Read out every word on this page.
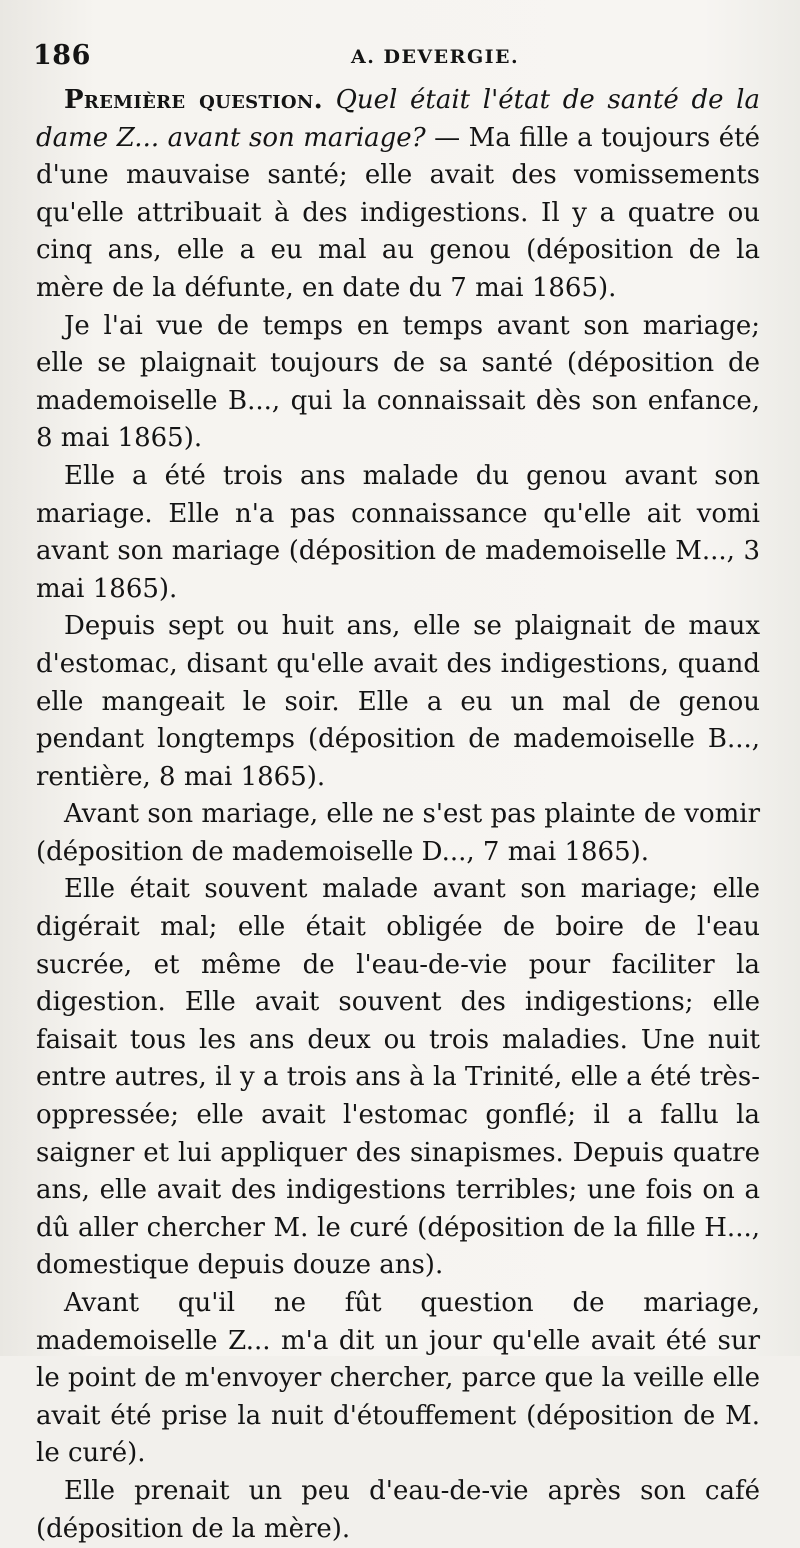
186	A. DEVERGIE.

Première question. Quel était l'état de santé de la dame Z... avant son mariage? — Ma fille a toujours été d'une mauvaise santé; elle avait des vomissements qu'elle attribuait à des indigestions. Il y a quatre ou cinq ans, elle a eu mal au genou (déposition de la mère de la défunte, en date du 7 mai 1865).

Je l'ai vue de temps en temps avant son mariage; elle se plaignait toujours de sa santé (déposition de mademoiselle B..., qui la connaissait dès son enfance, 8 mai 1865).

Elle a été trois ans malade du genou avant son mariage. Elle n'a pas connaissance qu'elle ait vomi avant son mariage (déposition de mademoiselle M..., 3 mai 1865).

Depuis sept ou huit ans, elle se plaignait de maux d'estomac, disant qu'elle avait des indigestions, quand elle mangeait le soir. Elle a eu un mal de genou pendant longtemps (déposition de mademoiselle B..., rentière, 8 mai 1865).

Avant son mariage, elle ne s'est pas plainte de vomir (déposition de mademoiselle D..., 7 mai 1865).

Elle était souvent malade avant son mariage; elle digérait mal; elle était obligée de boire de l'eau sucrée, et même de l'eau-de-vie pour faciliter la digestion. Elle avait souvent des indigestions; elle faisait tous les ans deux ou trois maladies. Une nuit entre autres, il y a trois ans à la Trinité, elle a été très-oppressée; elle avait l'estomac gonflé; il a fallu la saigner et lui appliquer des sinapismes. Depuis quatre ans, elle avait des indigestions terribles; une fois on a dû aller chercher M. le curé (déposition de la fille H..., domestique depuis douze ans).

Avant qu'il ne fût question de mariage, mademoiselle Z... m'a dit un jour qu'elle avait été sur le point de m'envoyer chercher, parce que la veille elle avait été prise la nuit d'étouffement (déposition de M. le curé).

Elle prenait un peu d'eau-de-vie après son café (déposition de la mère).
